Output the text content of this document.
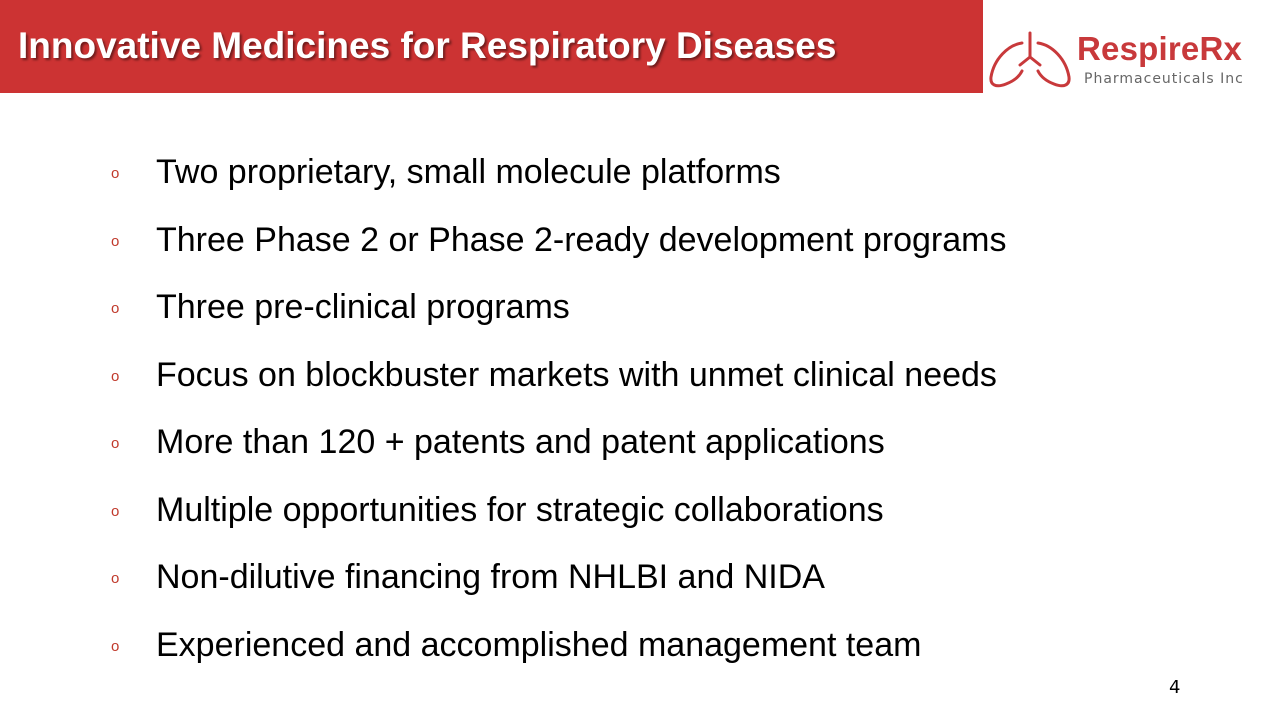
Innovative Medicines for Respiratory Diseases	RespireRx
Pharmaceuticals Inc
o Two proprietary, small molecule platforms
o Three Phase 2 or Phase 2-ready development programs
o Three pre-clinical programs
o Focus on blockbuster markets with unmet clinical needs
o More than 120 + patents and patent applications
o Multiple opportunities for strategic collaborations
o Non-dilutive financing from NHLBI and NIDA
o Experienced and accomplished management team
4
